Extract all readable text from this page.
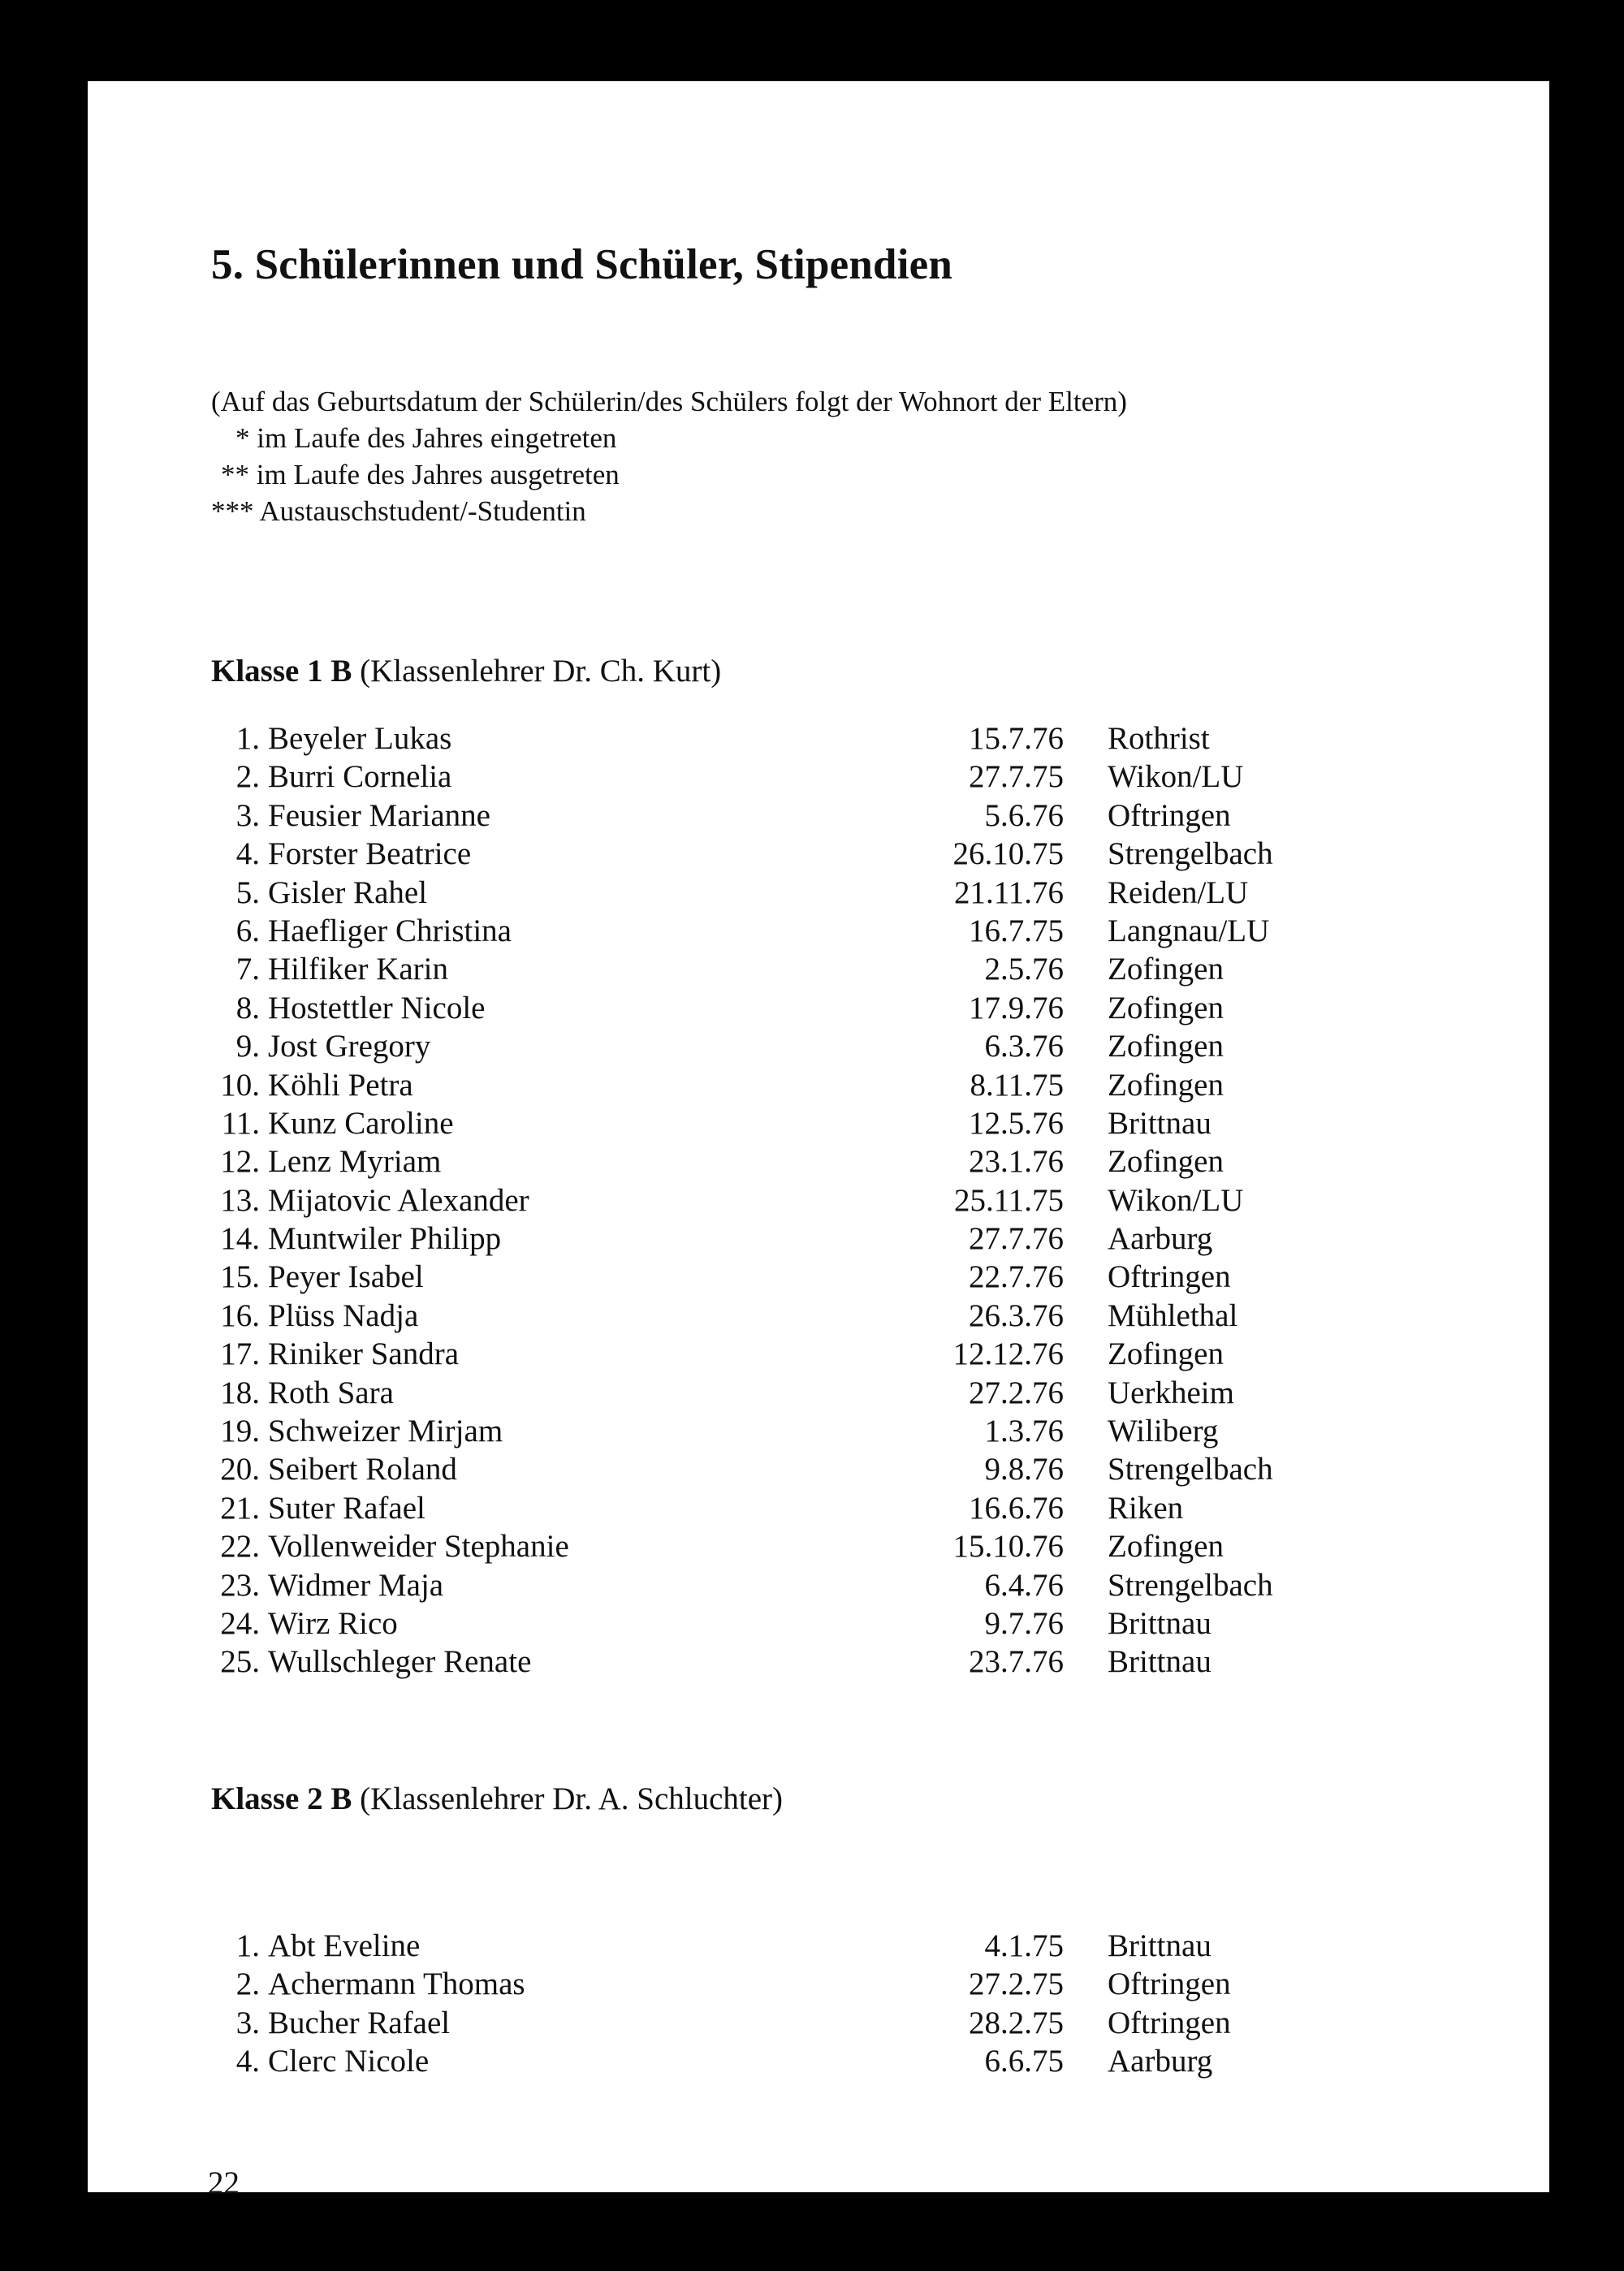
5. Schülerinnen und Schüler, Stipendien
(Auf das Geburtsdatum der Schülerin/des Schülers folgt der Wohnort der Eltern)
* im Laufe des Jahres eingetreten
** im Laufe des Jahres ausgetreten
*** Austauschstudent/-Studentin
Klasse 1 B (Klassenlehrer Dr. Ch. Kurt)
1. Beyeler Lukas	15.7.76 Rothrist
2. Burri Cornelia	27.7.75 Wikon/LU
3. Feusier Marianne	5.6.76 Oftringen
4. Forster Beatrice	26.10.75 Strengelbach
5. Gisler Rahel	21.11.76 Reiden/LU
6. Haefliger Christina	16.7.75 Langnau/LU
7. Hilfiker Karin	2.5.76 Zofingen
8. Hostettler Nicole	17.9.76 Zofingen
9. Jost Gregory	6.3.76 Zofingen
10. Köhli Petra	8.11.75 Zofingen
11. Kunz Caroline	12.5.76 Brittnau
12. Lenz Myriam	23.1.76 Zofingen
13. Mijatovic Alexander	25.11.75 Wikon/LU
14. Muntwiler Philipp	27.7.76 Aarburg
15. Peyer Isabel	22.7.76 Oftringen
16. Plüss Nadja	26.3.76 Mühlethal
17. Riniker Sandra	12.12.76 Zofingen
18. Roth Sara	27.2.76 Uerkheim
19. Schweizer Mirjam	1.3.76 Wiliberg
20. Seibert Roland	9.8.76 Strengelbach
21. Suter Rafael	16.6.76 Riken
22. Vollenweider Stephanie	15.10.76 Zofingen
23. Widmer Maja	6.4.76 Strengelbach
24. Wirz Rico	9.7.76 Brittnau
25. Wullschleger Renate	23.7.76 Brittnau
Klasse 2 B (Klassenlehrer Dr. A. Schluchter)
1. Abt Eveline	4.1.75 Brittnau
2. Achermann Thomas	27.2.75 Oftringen
3. Bucher Rafael	28.2.75 Oftringen
4. Clerc Nicole	6.6.75 Aarburg
22
